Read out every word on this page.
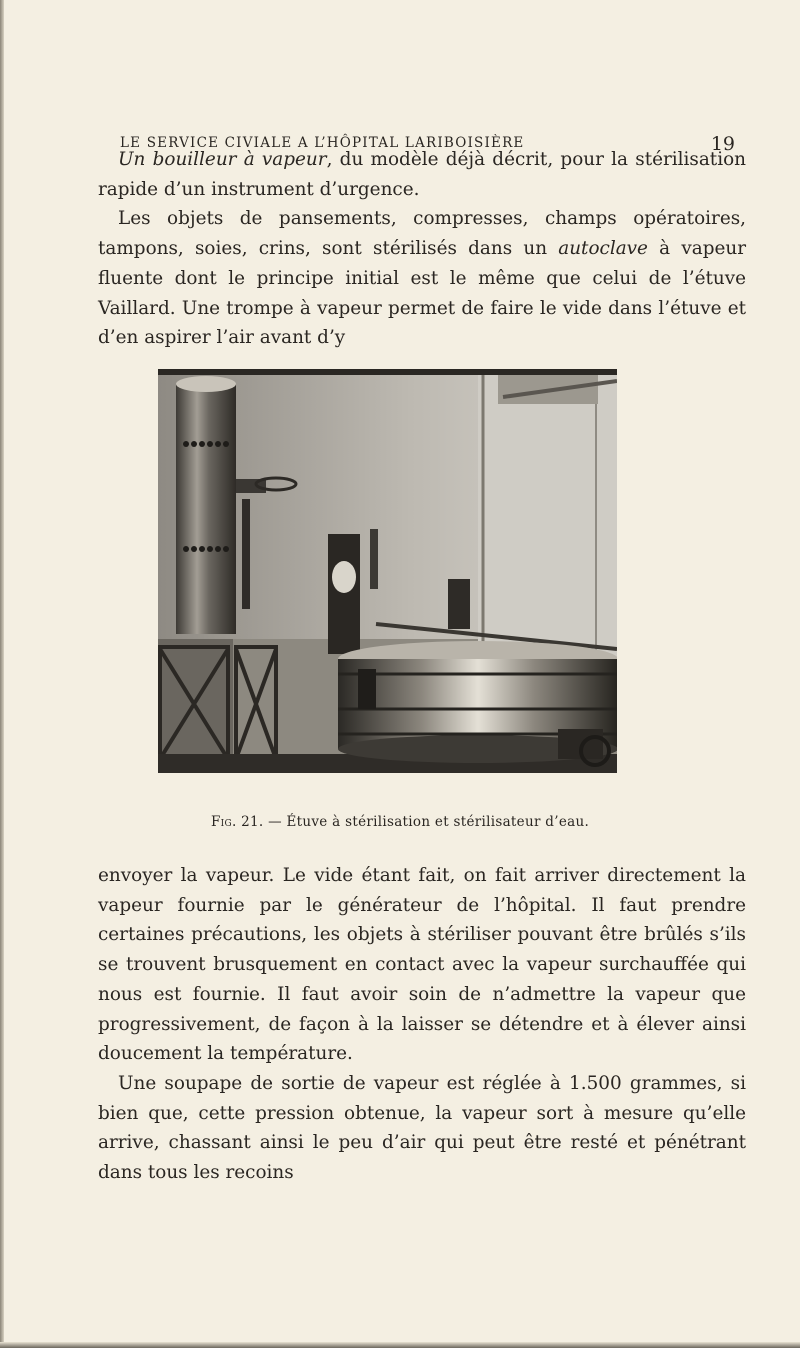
LE SERVICE CIVIALE A L’HÔPITAL LARIBOISIÈRE	19

Un bouilleur à vapeur, du modèle déjà décrit, pour la stérilisation rapide d’un instrument d’urgence.

Les objets de pansements, compresses, champs opératoires, tampons, soies, crins, sont stérilisés dans un autoclave à vapeur fluente dont le principe initial est le même que celui de l’étuve Vaillard. Une trompe à vapeur permet de faire le vide dans l’étuve et d’en aspirer l’air avant d’y

Fig. 21. — Étuve à stérilisation et stérilisateur d’eau.

envoyer la vapeur. Le vide étant fait, on fait arriver directement la vapeur fournie par le générateur de l’hôpital. Il faut prendre certaines précautions, les objets à stériliser pouvant être brûlés s’ils se trouvent brusquement en contact avec la vapeur surchauffée qui nous est fournie. Il faut avoir soin de n’admettre la vapeur que progressivement, de façon à la laisser se détendre et à élever ainsi doucement la température.

Une soupape de sortie de vapeur est réglée à 1.500 grammes, si bien que, cette pression obtenue, la vapeur sort à mesure qu’elle arrive, chassant ainsi le peu d’air qui peut être resté et pénétrant dans tous les recoins
